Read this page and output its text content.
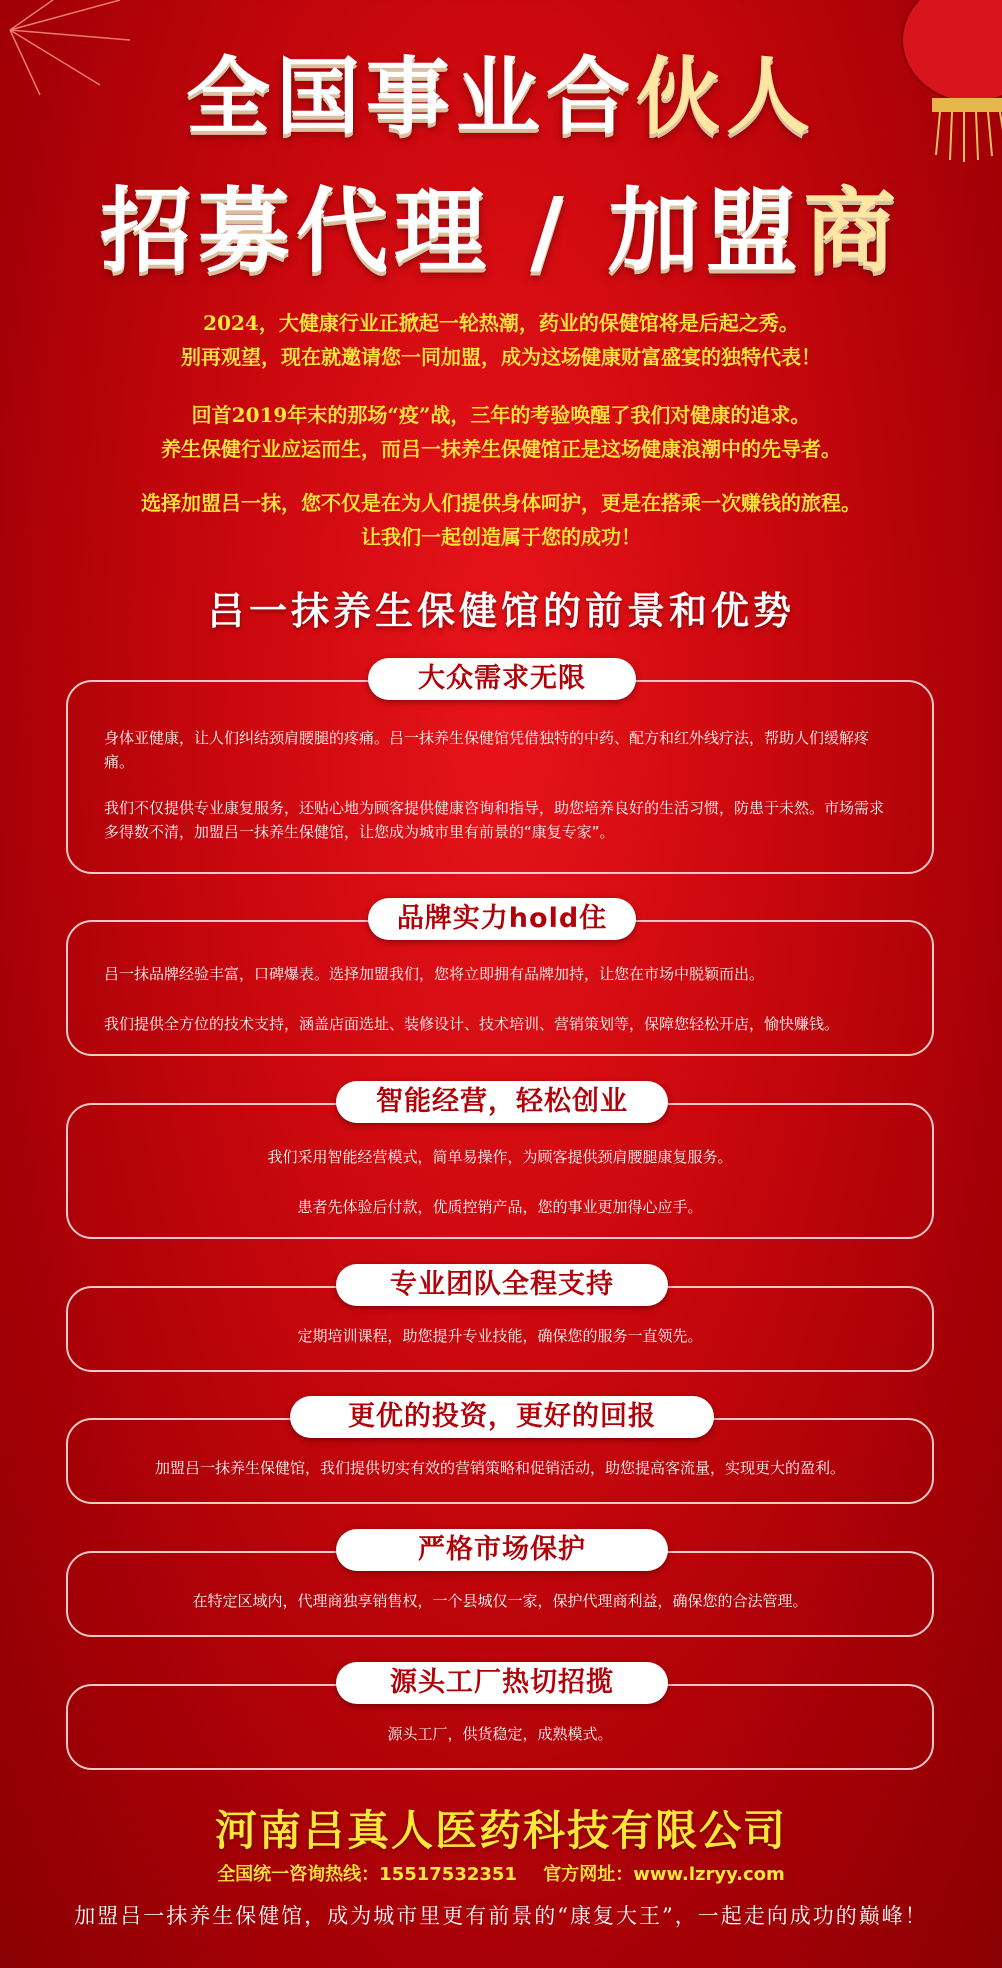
全国事业合伙人
招募代理 / 加盟商
2024，大健康行业正掀起一轮热潮，药业的保健馆将是后起之秀。
别再观望，现在就邀请您一同加盟，成为这场健康财富盛宴的独特代表！
回首2019年末的那场“疫”战，三年的考验唤醒了我们对健康的追求。
养生保健行业应运而生，而吕一抹养生保健馆正是这场健康浪潮中的先导者。
选择加盟吕一抹，您不仅是在为人们提供身体呵护，更是在搭乘一次赚钱的旅程。
让我们一起创造属于您的成功！
吕一抹养生保健馆的前景和优势
大众需求无限

身体亚健康，让人们纠结颈肩腰腿的疼痛。吕一抹养生保健馆凭借独特的中药、配方和红外线疗法，帮助人们缓解疼痛。

我们不仅提供专业康复服务，还贴心地为顾客提供健康咨询和指导，助您培养良好的生活习惯，防患于未然。市场需求多得数不清，加盟吕一抹养生保健馆，让您成为城市里有前景的“康复专家”。

品牌实力hold住

吕一抹品牌经验丰富，口碑爆表。选择加盟我们，您将立即拥有品牌加持，让您在市场中脱颖而出。

我们提供全方位的技术支持，涵盖店面选址、装修设计、技术培训、营销策划等，保障您轻松开店，愉快赚钱。

智能经营，轻松创业

我们采用智能经营模式，简单易操作，为顾客提供颈肩腰腿康复服务。

患者先体验后付款，优质控销产品，您的事业更加得心应手。

专业团队全程支持

定期培训课程，助您提升专业技能，确保您的服务一直领先。

更优的投资，更好的回报

加盟吕一抹养生保健馆，我们提供切实有效的营销策略和促销活动，助您提高客流量，实现更大的盈利。

严格市场保护

在特定区域内，代理商独享销售权，一个县城仅一家，保护代理商利益，确保您的合法管理。

源头工厂热切招揽

源头工厂，供货稳定，成熟模式。

河南吕真人医药科技有限公司
全国统一咨询热线：15517532351 官方网址：www.lzryy.com
加盟吕一抹养生保健馆，成为城市里更有前景的“康复大王”，一起走向成功的巅峰！
